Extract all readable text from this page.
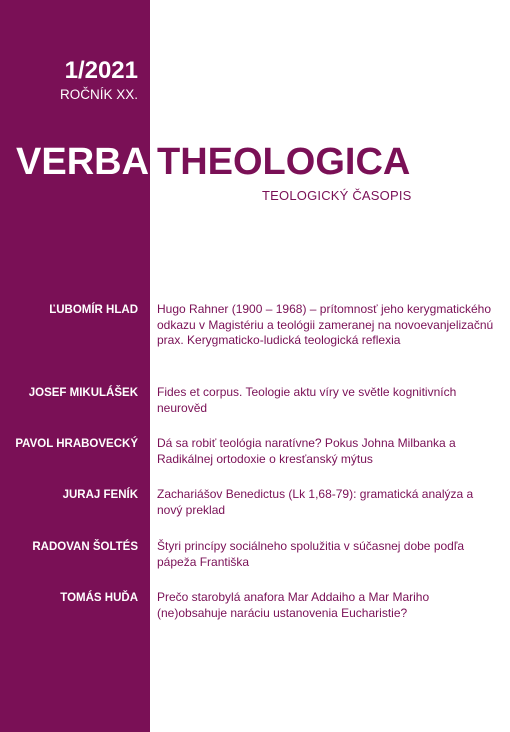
1/2021
ROČNÍK XX.
VERBA THEOLOGICA
TEOLOGICKÝ ČASOPIS
ĽUBOMÍR HLAD Hugo Rahner (1900 – 1968) – prítomnosť jeho kerygmatického odkazu v Magistériu a teológii zameranej na novoevanjelizačnú prax. Kerygmaticko-ludická teologická reflexia
JOSEF MIKULÁŠEK Fides et corpus. Teologie aktu víry ve světle kognitivních neurověd
PAVOL HRABOVECKÝ Dá sa robiť teológia naratívne? Pokus Johna Milbanka a Radikálnej ortodoxie o kresťanský mýtus
JURAJ FENÍK Zachariášov Benedictus (Lk 1,68-79): gramatická analýza a nový preklad
RADOVAN ŠOLTÉS Štyri princípy sociálneho spolužitia v súčasnej dobe podľa pápeža Františka
TOMÁS HUĎA Prečo starobylá anafora Mar Addaiho a Mar Mariho (ne)obsahuje naráciu ustanovenia Eucharistie?
